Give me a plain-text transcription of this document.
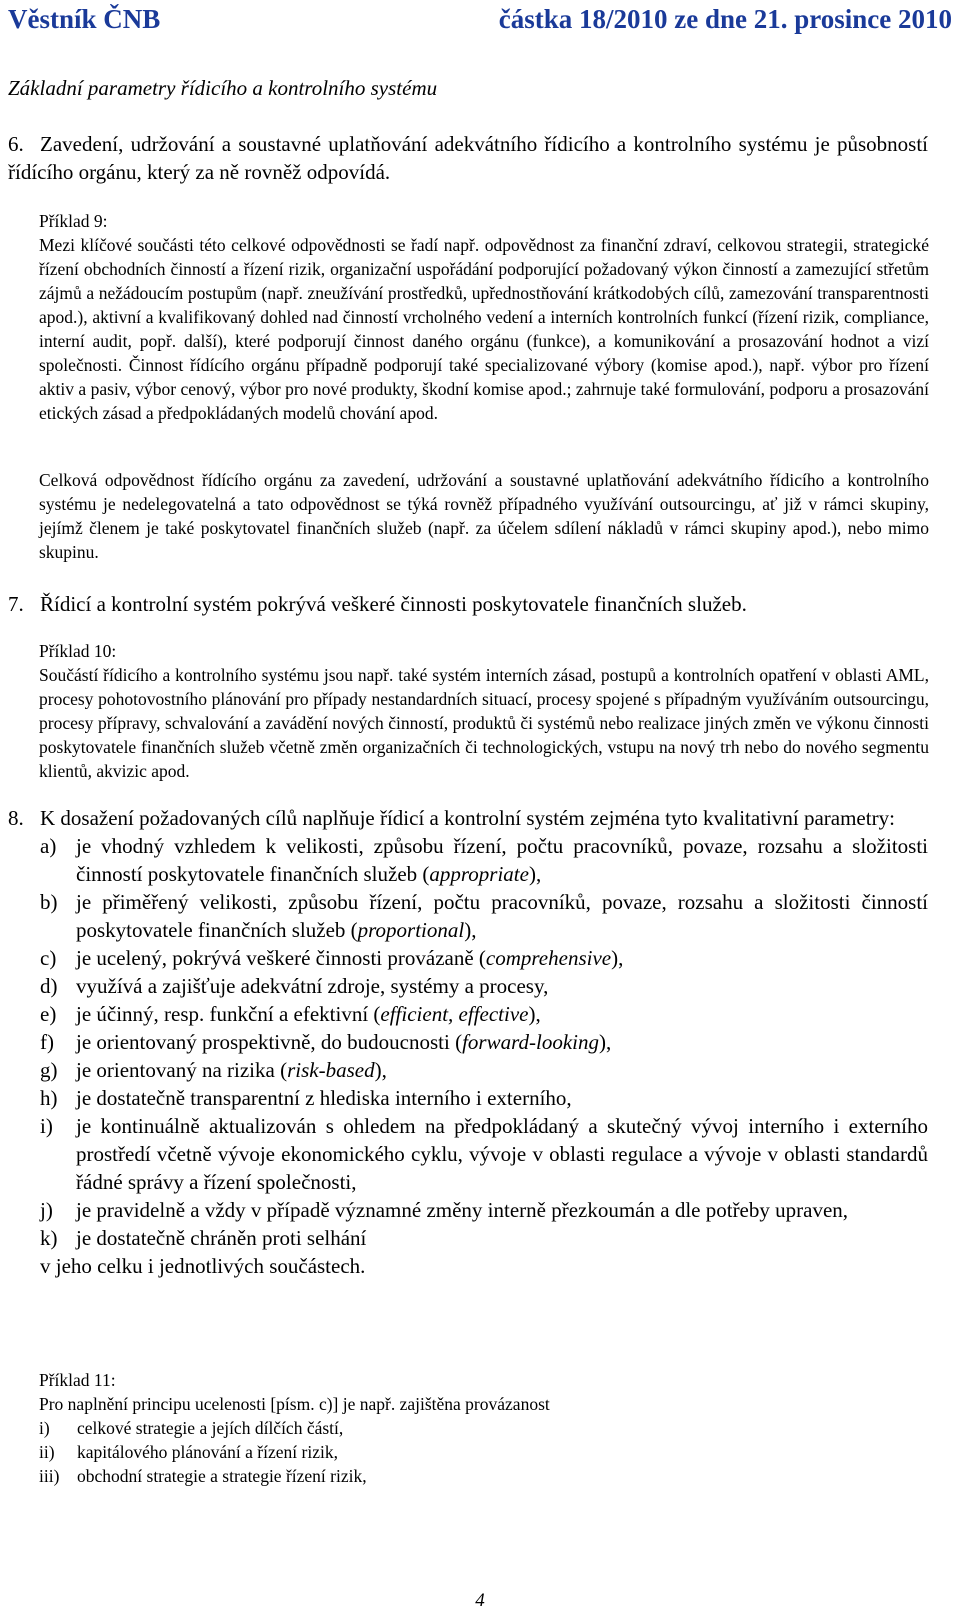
Věstník ČNB	částka 18/2010 ze dne 21. prosince 2010
Základní parametry řídicího a kontrolního systému
6. Zavedení, udržování a soustavné uplatňování adekvátního řídicího a kontrolního systému je působností řídícího orgánu, který za ně rovněž odpovídá.
Příklad 9:
Mezi klíčové součásti této celkové odpovědnosti se řadí např. odpovědnost za finanční zdraví, celkovou strategii, strategické řízení obchodních činností a řízení rizik, organizační uspořádání podporující požadovaný výkon činností a zamezující střetům zájmů a nežádoucím postupům (např. zneužívání prostředků, upřednostňování krátkodobých cílů, zamezování transparentnosti apod.), aktivní a kvalifikovaný dohled nad činností vrcholného vedení a interních kontrolních funkcí (řízení rizik, compliance, interní audit, popř. další), které podporují činnost daného orgánu (funkce), a komunikování a prosazování hodnot a vizí společnosti. Činnost řídícího orgánu případně podporují také specializované výbory (komise apod.), např. výbor pro řízení aktiv a pasiv, výbor cenový, výbor pro nové produkty, škodní komise apod.; zahrnuje také formulování, podporu a prosazování etických zásad a předpokládaných modelů chování apod.
Celková odpovědnost řídícího orgánu za zavedení, udržování a soustavné uplatňování adekvátního řídicího a kontrolního systému je nedelegovatelná a tato odpovědnost se týká rovněž případného využívání outsourcingu, ať již v rámci skupiny, jejímž členem je také poskytovatel finančních služeb (např. za účelem sdílení nákladů v rámci skupiny apod.), nebo mimo skupinu.
7. Řídicí a kontrolní systém pokrývá veškeré činnosti poskytovatele finančních služeb.
Příklad 10:
Součástí řídicího a kontrolního systému jsou např. také systém interních zásad, postupů a kontrolních opatření v oblasti AML, procesy pohotovostního plánování pro případy nestandardních situací, procesy spojené s případným využíváním outsourcingu, procesy přípravy, schvalování a zavádění nových činností, produktů či systémů nebo realizace jiných změn ve výkonu činnosti poskytovatele finančních služeb včetně změn organizačních či technologických, vstupu na nový trh nebo do nového segmentu klientů, akvizic apod.
8. K dosažení požadovaných cílů naplňuje řídicí a kontrolní systém zejména tyto kvalitativní parametry:
a) je vhodný vzhledem k velikosti, způsobu řízení, počtu pracovníků, povaze, rozsahu a složitosti činností poskytovatele finančních služeb (appropriate),
b) je přiměřený velikosti, způsobu řízení, počtu pracovníků, povaze, rozsahu a složitosti činností poskytovatele finančních služeb (proportional),
c) je ucelený, pokrývá veškeré činnosti provázaně (comprehensive),
d) využívá a zajišťuje adekvátní zdroje, systémy a procesy,
e) je účinný, resp. funkční a efektivní (efficient, effective),
f)	je orientovaný prospektivně, do budoucnosti (forward-looking),
g) je orientovaný na rizika (risk-based),
h) je dostatečně transparentní z hlediska interního i externího,
i)	je kontinuálně aktualizován s ohledem na předpokládaný a skutečný vývoj interního i externího prostředí včetně vývoje ekonomického cyklu, vývoje v oblasti regulace a vývoje v oblasti standardů řádné správy a řízení společnosti,
j)	je pravidelně a vždy v případě významné změny interně přezkoumán a dle potřeby upraven,
k) je dostatečně chráněn proti selhání
v jeho celku i jednotlivých součástech.
Příklad 11:
Pro naplnění principu ucelenosti [písm. c)] je např. zajištěna provázanost
i)	celkové strategie a jejích dílčích částí,
ii)	kapitálového plánování a řízení rizik,
iii)	obchodní strategie a strategie řízení rizik,
4
